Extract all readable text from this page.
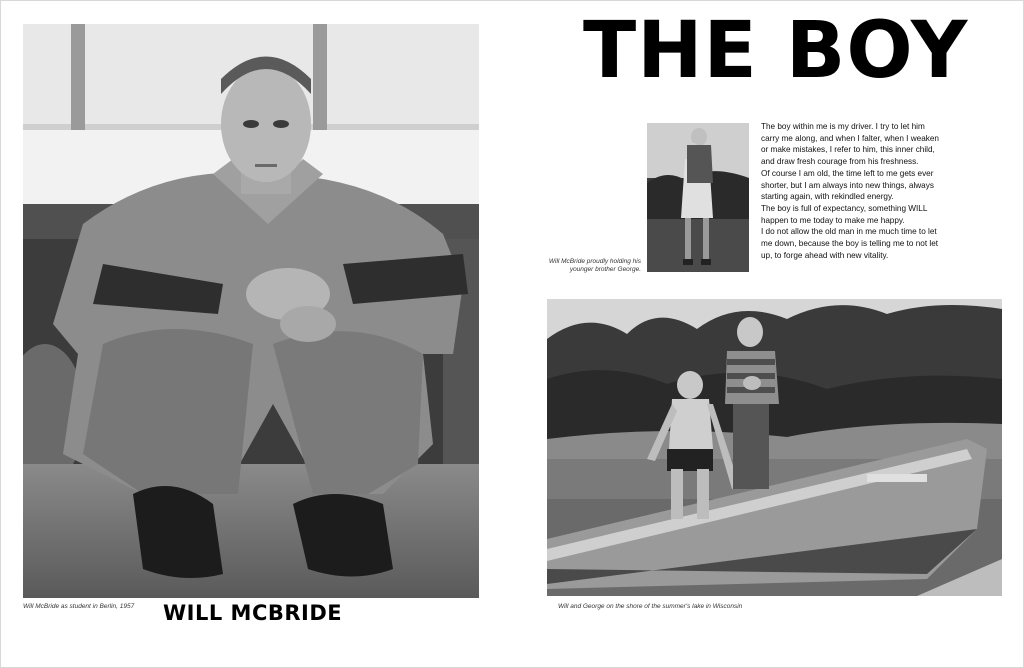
Will McBride as student in Berlin, 1957 WILL MCBRIDE
THE BOY
Will McBride proudly holding his
younger brother George.

The boy within me is my driver. I try to let him carry me along, and when I falter, when I weaken or make mistakes, I refer to him, this inner child, and draw fresh courage from his freshness.

Of course I am old, the time left to me gets ever shorter, but I am always into new things, always starting again, with rekindled energy.

The boy is full of expectancy, something WILL happen to me today to make me happy.

I do not allow the old man in me much time to let me down, because the boy is telling me to not let up, to forge ahead with new vitality.

Will and George on the shore of the summer's lake in Wisconsin
